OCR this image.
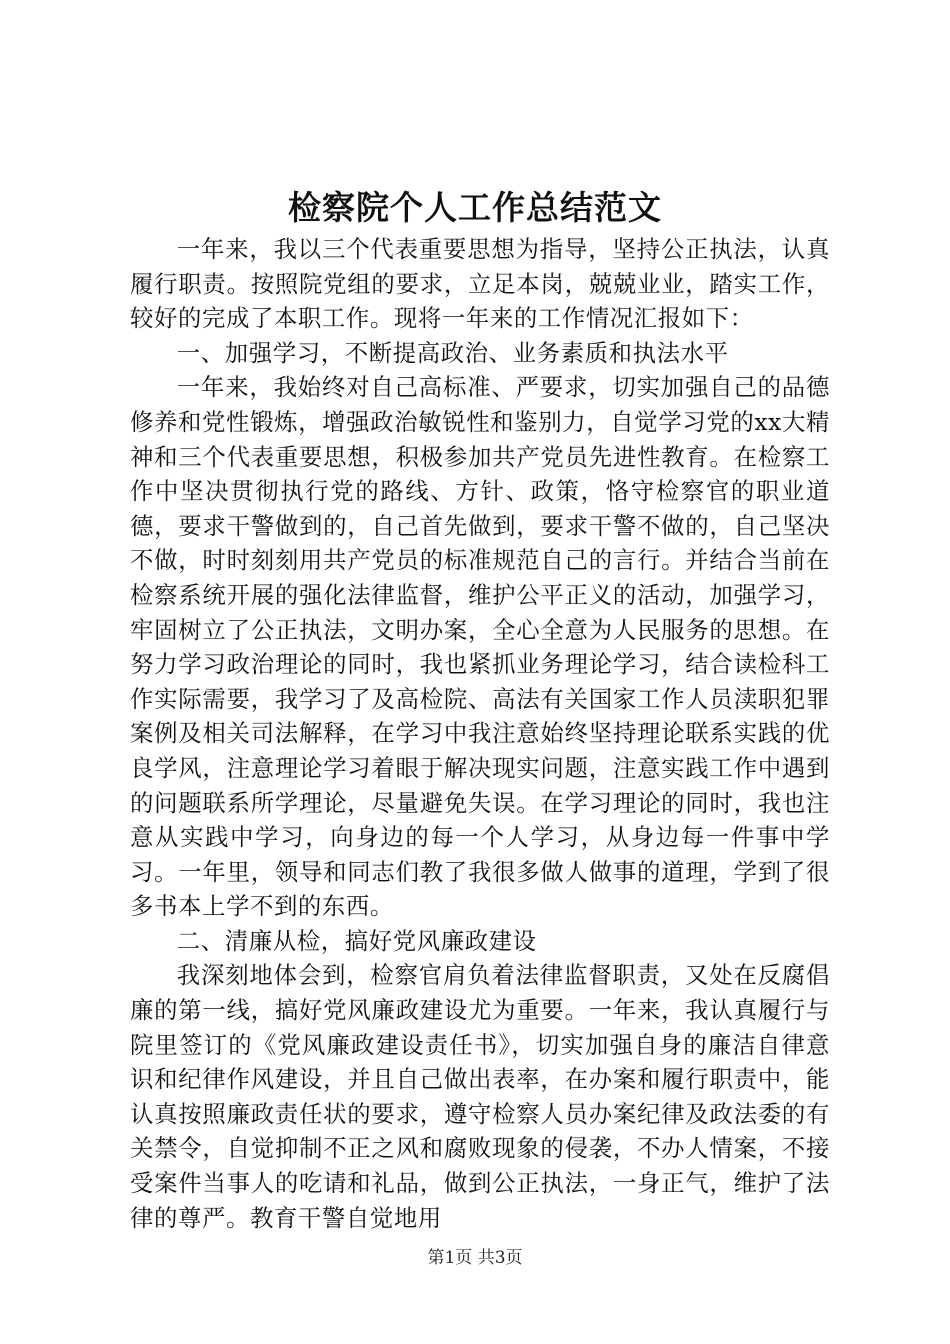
检察院个人工作总结范文

一年来，我以三个代表重要思想为指导，坚持公正执法，认真履行职责。按照院党组的要求，立足本岗，兢兢业业，踏实工作，较好的完成了本职工作。现将一年来的工作情况汇报如下：

一、加强学习，不断提高政治、业务素质和执法水平

一年来，我始终对自己高标准、严要求，切实加强自己的品德修养和党性锻炼，增强政治敏锐性和鉴别力，自觉学习党的xx大精神和三个代表重要思想，积极参加共产党员先进性教育。在检察工作中坚决贯彻执行党的路线、方针、政策，恪守检察官的职业道德，要求干警做到的，自己首先做到，要求干警不做的，自己坚决不做，时时刻刻用共产党员的标准规范自己的言行。并结合当前在检察系统开展的强化法律监督，维护公平正义的活动，加强学习，牢固树立了公正执法，文明办案，全心全意为人民服务的思想。在努力学习政治理论的同时，我也紧抓业务理论学习，结合读检科工作实际需要，我学习了及高检院、高法有关国家工作人员渎职犯罪案例及相关司法解释，在学习中我注意始终坚持理论联系实践的优良学风，注意理论学习着眼于解决现实问题，注意实践工作中遇到的问题联系所学理论，尽量避免失误。在学习理论的同时，我也注意从实践中学习，向身边的每一个人学习，从身边每一件事中学习。一年里，领导和同志们教了我很多做人做事的道理，学到了很多书本上学不到的东西。

二、清廉从检，搞好党风廉政建设

我深刻地体会到，检察官肩负着法律监督职责，又处在反腐倡廉的第一线，搞好党风廉政建设尤为重要。一年来，我认真履行与院里签订的《党风廉政建设责任书》，切实加强自身的廉洁自律意识和纪律作风建设，并且自己做出表率，在办案和履行职责中，能认真按照廉政责任状的要求，遵守检察人员办案纪律及政法委的有关禁令，自觉抑制不正之风和腐败现象的侵袭，不办人情案，不接受案件当事人的吃请和礼品，做到公正执法，一身正气，维护了法律的尊严。教育干警自觉地用

第1页 共3页
